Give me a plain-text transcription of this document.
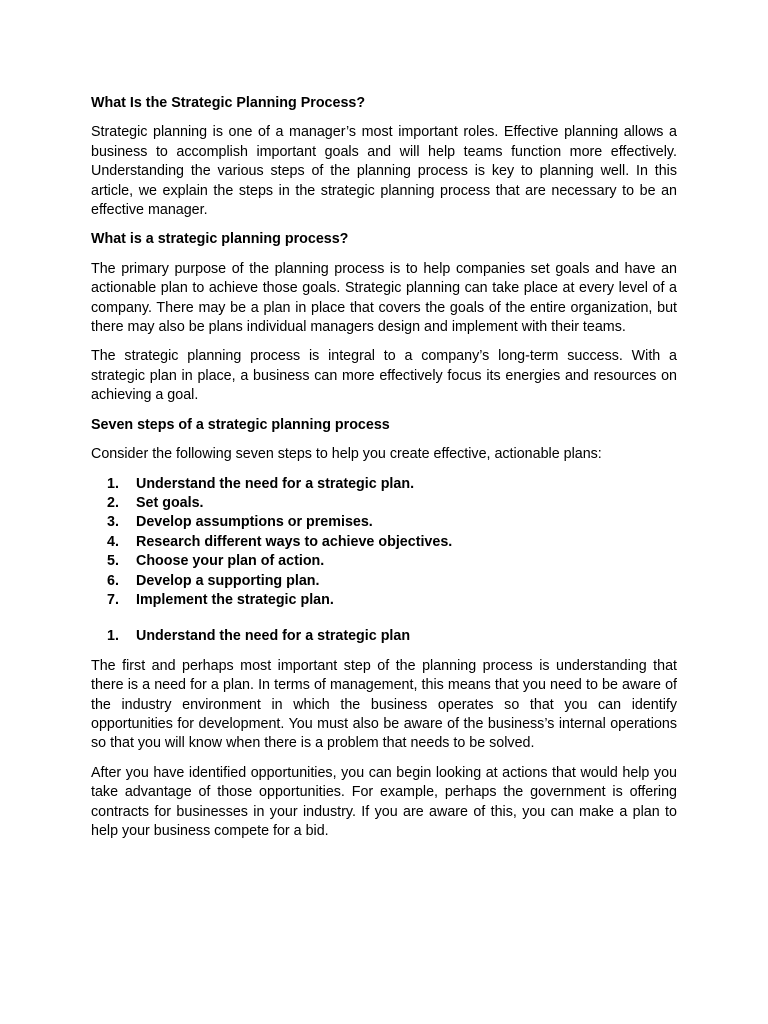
What Is the Strategic Planning Process?

Strategic planning is one of a manager’s most important roles. Effective planning allows a business to accomplish important goals and will help teams function more effectively. Understanding the various steps of the planning process is key to planning well. In this article, we explain the steps in the strategic planning process that are necessary to be an effective manager.

What is a strategic planning process?

The primary purpose of the planning process is to help companies set goals and have an actionable plan to achieve those goals. Strategic planning can take place at every level of a company. There may be a plan in place that covers the goals of the entire organization, but there may also be plans individual managers design and implement with their teams.

The strategic planning process is integral to a company’s long-term success. With a strategic plan in place, a business can more effectively focus its energies and resources on achieving a goal.

Seven steps of a strategic planning process

Consider the following seven steps to help you create effective, actionable plans:

1.	Understand the need for a strategic plan.
2.	Set goals.
3.	Develop assumptions or premises.
4.	Research different ways to achieve objectives.
5.	Choose your plan of action.
6.	Develop a supporting plan.
7.	Implement the strategic plan.
1.	Understand the need for a strategic plan

The first and perhaps most important step of the planning process is understanding that there is a need for a plan. In terms of management, this means that you need to be aware of the industry environment in which the business operates so that you can identify opportunities for development. You must also be aware of the business’s internal operations so that you will know when there is a problem that needs to be solved.

After you have identified opportunities, you can begin looking at actions that would help you take advantage of those opportunities. For example, perhaps the government is offering contracts for businesses in your industry. If you are aware of this, you can make a plan to help your business compete for a bid.
